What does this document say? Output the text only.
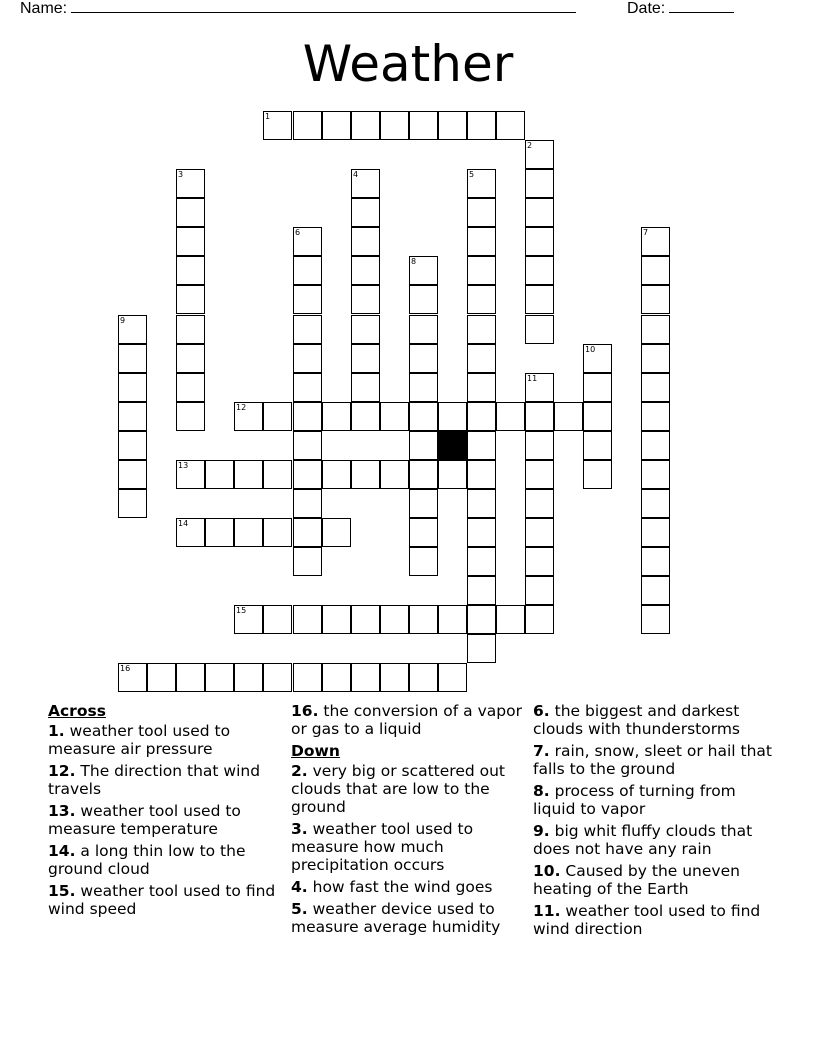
Name:	Date:
Weather
1
2
3	4	5
6	7
8
9
10
11
12
13
14
15
16
Across
1. weather tool used to measure air pressure
12. The direction that wind travels
13. weather tool used to measure temperature
14. a long thin low to the ground cloud
15. weather tool used to find wind speed
16. the conversion of a vapor or gas to a liquid
Down
2. very big or scattered out clouds that are low to the ground
3. weather tool used to measure how much precipitation occurs
4. how fast the wind goes
5. weather device used to measure average humidity
6. the biggest and darkest clouds with thunderstorms
7. rain, snow, sleet or hail that falls to the ground
8. process of turning from liquid to vapor
9. big whit fluffy clouds that does not have any rain
10. Caused by the uneven heating of the Earth
11. weather tool used to find wind direction
